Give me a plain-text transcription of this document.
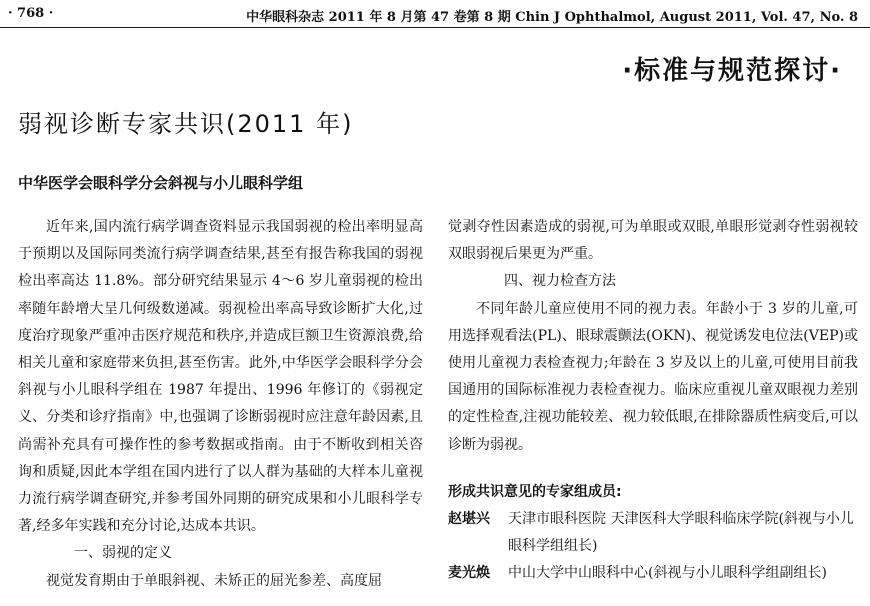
· 768 ·	中华眼科杂志 2011 年 8 月第 47 卷第 8 期 Chin J Ophthalmol, August 2011, Vol. 47, No. 8
·标准与规范探讨·
弱视诊断专家共识(2011 年)
中华医学会眼科学分会斜视与小儿眼科学组

近年来,国内流行病学调查资料显示我国弱视的检出率明显高于预期以及国际同类流行病学调查结果,甚至有报告称我国的弱视检出率高达 11.8%。部分研究结果显示 4～6 岁儿童弱视的检出率随年龄增大呈几何级数递减。弱视检出率高导致诊断扩大化,过度治疗现象严重冲击医疗规范和秩序,并造成巨额卫生资源浪费,给相关儿童和家庭带来负担,甚至伤害。此外,中华医学会眼科学分会斜视与小儿眼科学组在 1987 年提出、1996 年修订的《弱视定义、分类和诊疗指南》中,也强调了诊断弱视时应注意年龄因素,且尚需补充具有可操作性的参考数据或指南。由于不断收到相关咨询和质疑,因此本学组在国内进行了以人群为基础的大样本儿童视力流行病学调查研究,并参考国外同期的研究成果和小儿眼科学专著,经多年实践和充分讨论,达成本共识。

一、弱视的定义

视觉发育期由于单眼斜视、未矫正的屈光参差、高度屈

觉剥夺性因素造成的弱视,可为单眼或双眼,单眼形觉剥夺性弱视较双眼弱视后果更为严重。

四、视力检查方法

不同年龄儿童应使用不同的视力表。年龄小于 3 岁的儿童,可用选择观看法(PL)、眼球震颤法(OKN)、视觉诱发电位法(VEP)或使用儿童视力表检查视力;年龄在 3 岁及以上的儿童,可使用目前我国通用的国际标准视力表检查视力。临床应重视儿童双眼视力差别的定性检查,注视功能较差、视力较低眼,在排除器质性病变后,可以诊断为弱视。

形成共识意见的专家组成员:
赵堪兴	天津市眼科医院 天津医科大学眼科临床学院(斜视与小儿眼科学组组长)
麦光焕	中山大学中山眼科中心(斜视与小儿眼科学组副组长)
